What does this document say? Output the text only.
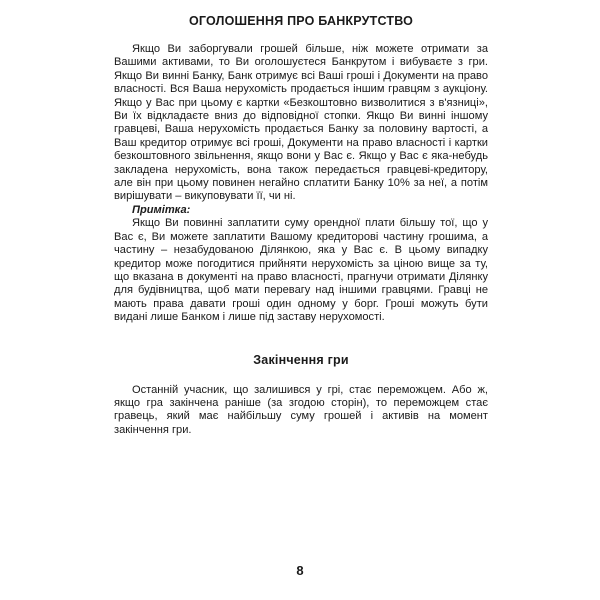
ОГОЛОШЕННЯ ПРО БАНКРУТСТВО

Якщо Ви заборгували грошей більше, ніж можете отримати за Вашими активами, то Ви оголошуєтеся Банкрутом і вибуваєте з гри. Якщо Ви винні Банку, Банк отримує всі Ваші гроші і Документи на право власності. Вся Ваша нерухомість продається іншим гравцям з аукціону. Якщо у Вас при цьому є картки «Безкоштовно визволитися з в'язниці», Ви їх відкладаєте вниз до відповідної стопки. Якщо Ви винні іншому гравцеві, Ваша нерухомість продається Банку за половину вартості, а Ваш кредитор отримує всі гроші, Документи на право власності і картки безкоштовного звільнення, якщо вони у Вас є. Якщо у Вас є яка-небудь закладена нерухомість, вона також передається гравцеві-кредитору, але він при цьому повинен негайно сплатити Банку 10% за неї, а потім вирішувати – викуповувати її, чи ні.

Примітка:

Якщо Ви повинні заплатити суму орендної плати більшу тої, що у Вас є, Ви можете заплатити Вашому кредиторові частину грошима, а частину – незабудованою Ділянкою, яка у Вас є. В цьому випадку кредитор може погодитися прийняти нерухомість за ціною вище за ту, що вказана в документі на право власності, прагнучи отримати Ділянку для будівництва, щоб мати перевагу над іншими гравцями. Гравці не мають права давати гроші один одному у борг. Гроші можуть бути видані лише Банком і лише під заставу нерухомості.

Закінчення гри

Останній учасник, що залишився у грі, стає переможцем. Або ж, якщо гра закінчена раніше (за згодою сторін), то переможцем стає гравець, який має найбільшу суму грошей і активів на момент закінчення гри.

8
